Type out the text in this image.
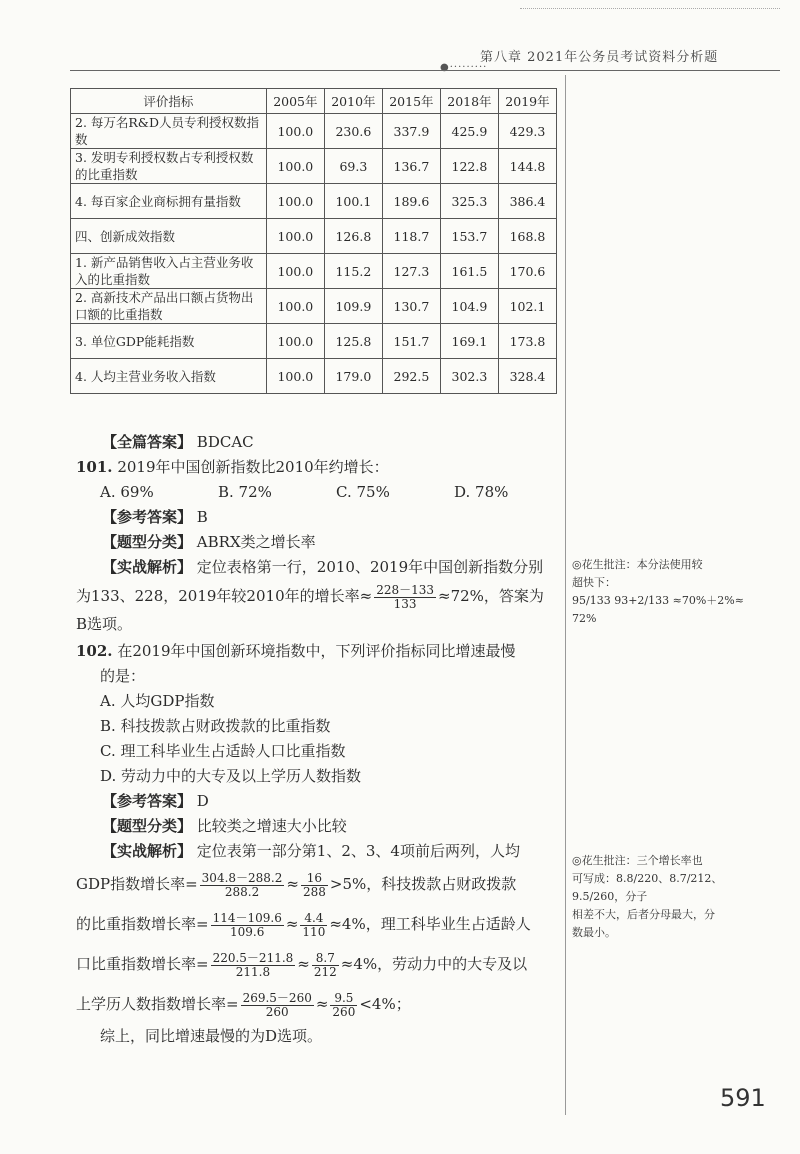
第八章 2021年公务员考试资料分析题
●·········
评价指标	2005年	2010年	2015年	2018年	2019年
2. 每万名R&D人员专利授权数指数	100.0	230.6	337.9	425.9	429.3
3. 发明专利授权数占专利授权数的比重指数	100.0	69.3	136.7	122.8	144.8
4. 每百家企业商标拥有量指数	100.0	100.1	189.6	325.3	386.4
四、创新成效指数	100.0	126.8	118.7	153.7	168.8
1. 新产品销售收入占主营业务收入的比重指数	100.0	115.2	127.3	161.5	170.6
2. 高新技术产品出口额占货物出口额的比重指数	100.0	109.9	130.7	104.9	102.1
3. 单位GDP能耗指数	100.0	125.8	151.7	169.1	173.8
4. 人均主营业务收入指数	100.0	179.0	292.5	302.3	328.4
【全篇答案】 BDCAC
101. 2019年中国创新指数比2010年约增长：
A. 69%	B. 72%	C. 75%	D. 78%
【参考答案】 B
【题型分类】 ABRX类之增长率
【实战解析】 定位表格第一行，2010、2019年中国创新指数分别
为133、228，2019年较2010年的增长率≈ $\frac{228-133}{133} \approx 72\%$，答案为
B选项。
102. 在2019年中国创新环境指数中，下列评价指标同比增速最慢
的是：
A. 人均GDP指数
B. 科技拨款占财政拨款的比重指数
C. 理工科毕业生占适龄人口比重指数
D. 劳动力中的大专及以上学历人数指数
【参考答案】 D
【题型分类】 比较类之增速大小比较
【实战解析】 定位表第一部分第1、2、3、4项前后两列，人均
GDP指数增长率= $\frac{304.8-288.2}{288.2} \approx \frac{16}{288} >5\%$，科技拨款占财政拨款
的比重指数增长率= $\frac{114-109.6}{109.6} \approx \frac{4.4}{110} \approx 4\%$，理工科毕业生占适龄人
口比重指数增长率= $\frac{220.5-211.8}{211.8} \approx \frac{8.7}{212} \approx 4\%$，劳动力中的大专及以
上学历人数指数增长率= $\frac{269.5-260}{260} \approx \frac{9.5}{260} <4\%$；
综上，同比增速最慢的为D选项。
◎花生批注：本分法使用较
超快下：
95/133 93+2/133 ≈70%＋2%≈
72%
◎花生批注：三个增长率也
可写成：8.8/220、8.7/212、9.5/260，分子
相差不大，后者分母最大，分
数最小。
591
